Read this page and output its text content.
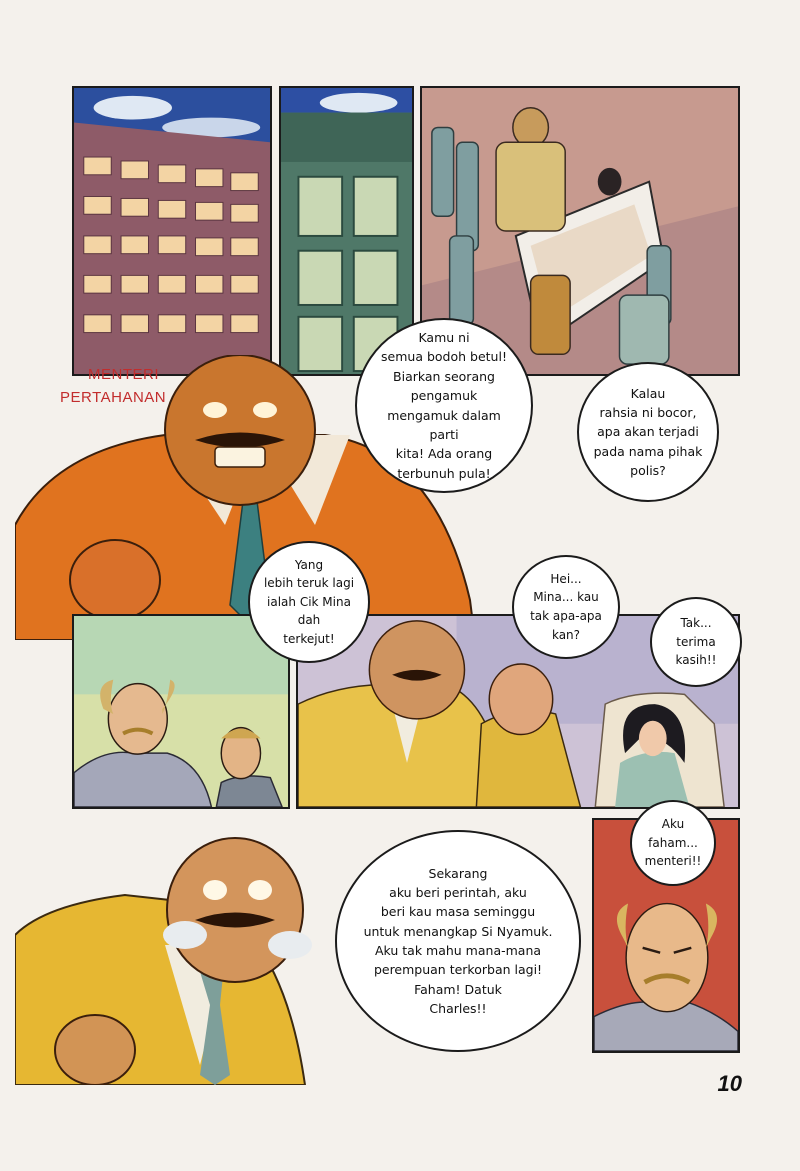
MENTERI
PERTAHANAN
Kamu ni
semua bodoh betul!
Biarkan seorang pengamuk
mengamuk dalam parti
kita! Ada orang
terbunuh pula!
Kalau
rahsia ni bocor,
apa akan terjadi
pada nama pihak
polis?
Yang
lebih teruk lagi
ialah Cik Mina dah
terkejut!
Hei...
Mina... kau
tak apa-apa
kan?
Tak...
terima
kasih!!
Sekarang
aku beri perintah, aku
beri kau masa seminggu
untuk menangkap Si Nyamuk.
Aku tak mahu mana-mana
perempuan terkorban lagi!
Faham! Datuk
Charles!!
Aku
faham...
menteri!!
10
